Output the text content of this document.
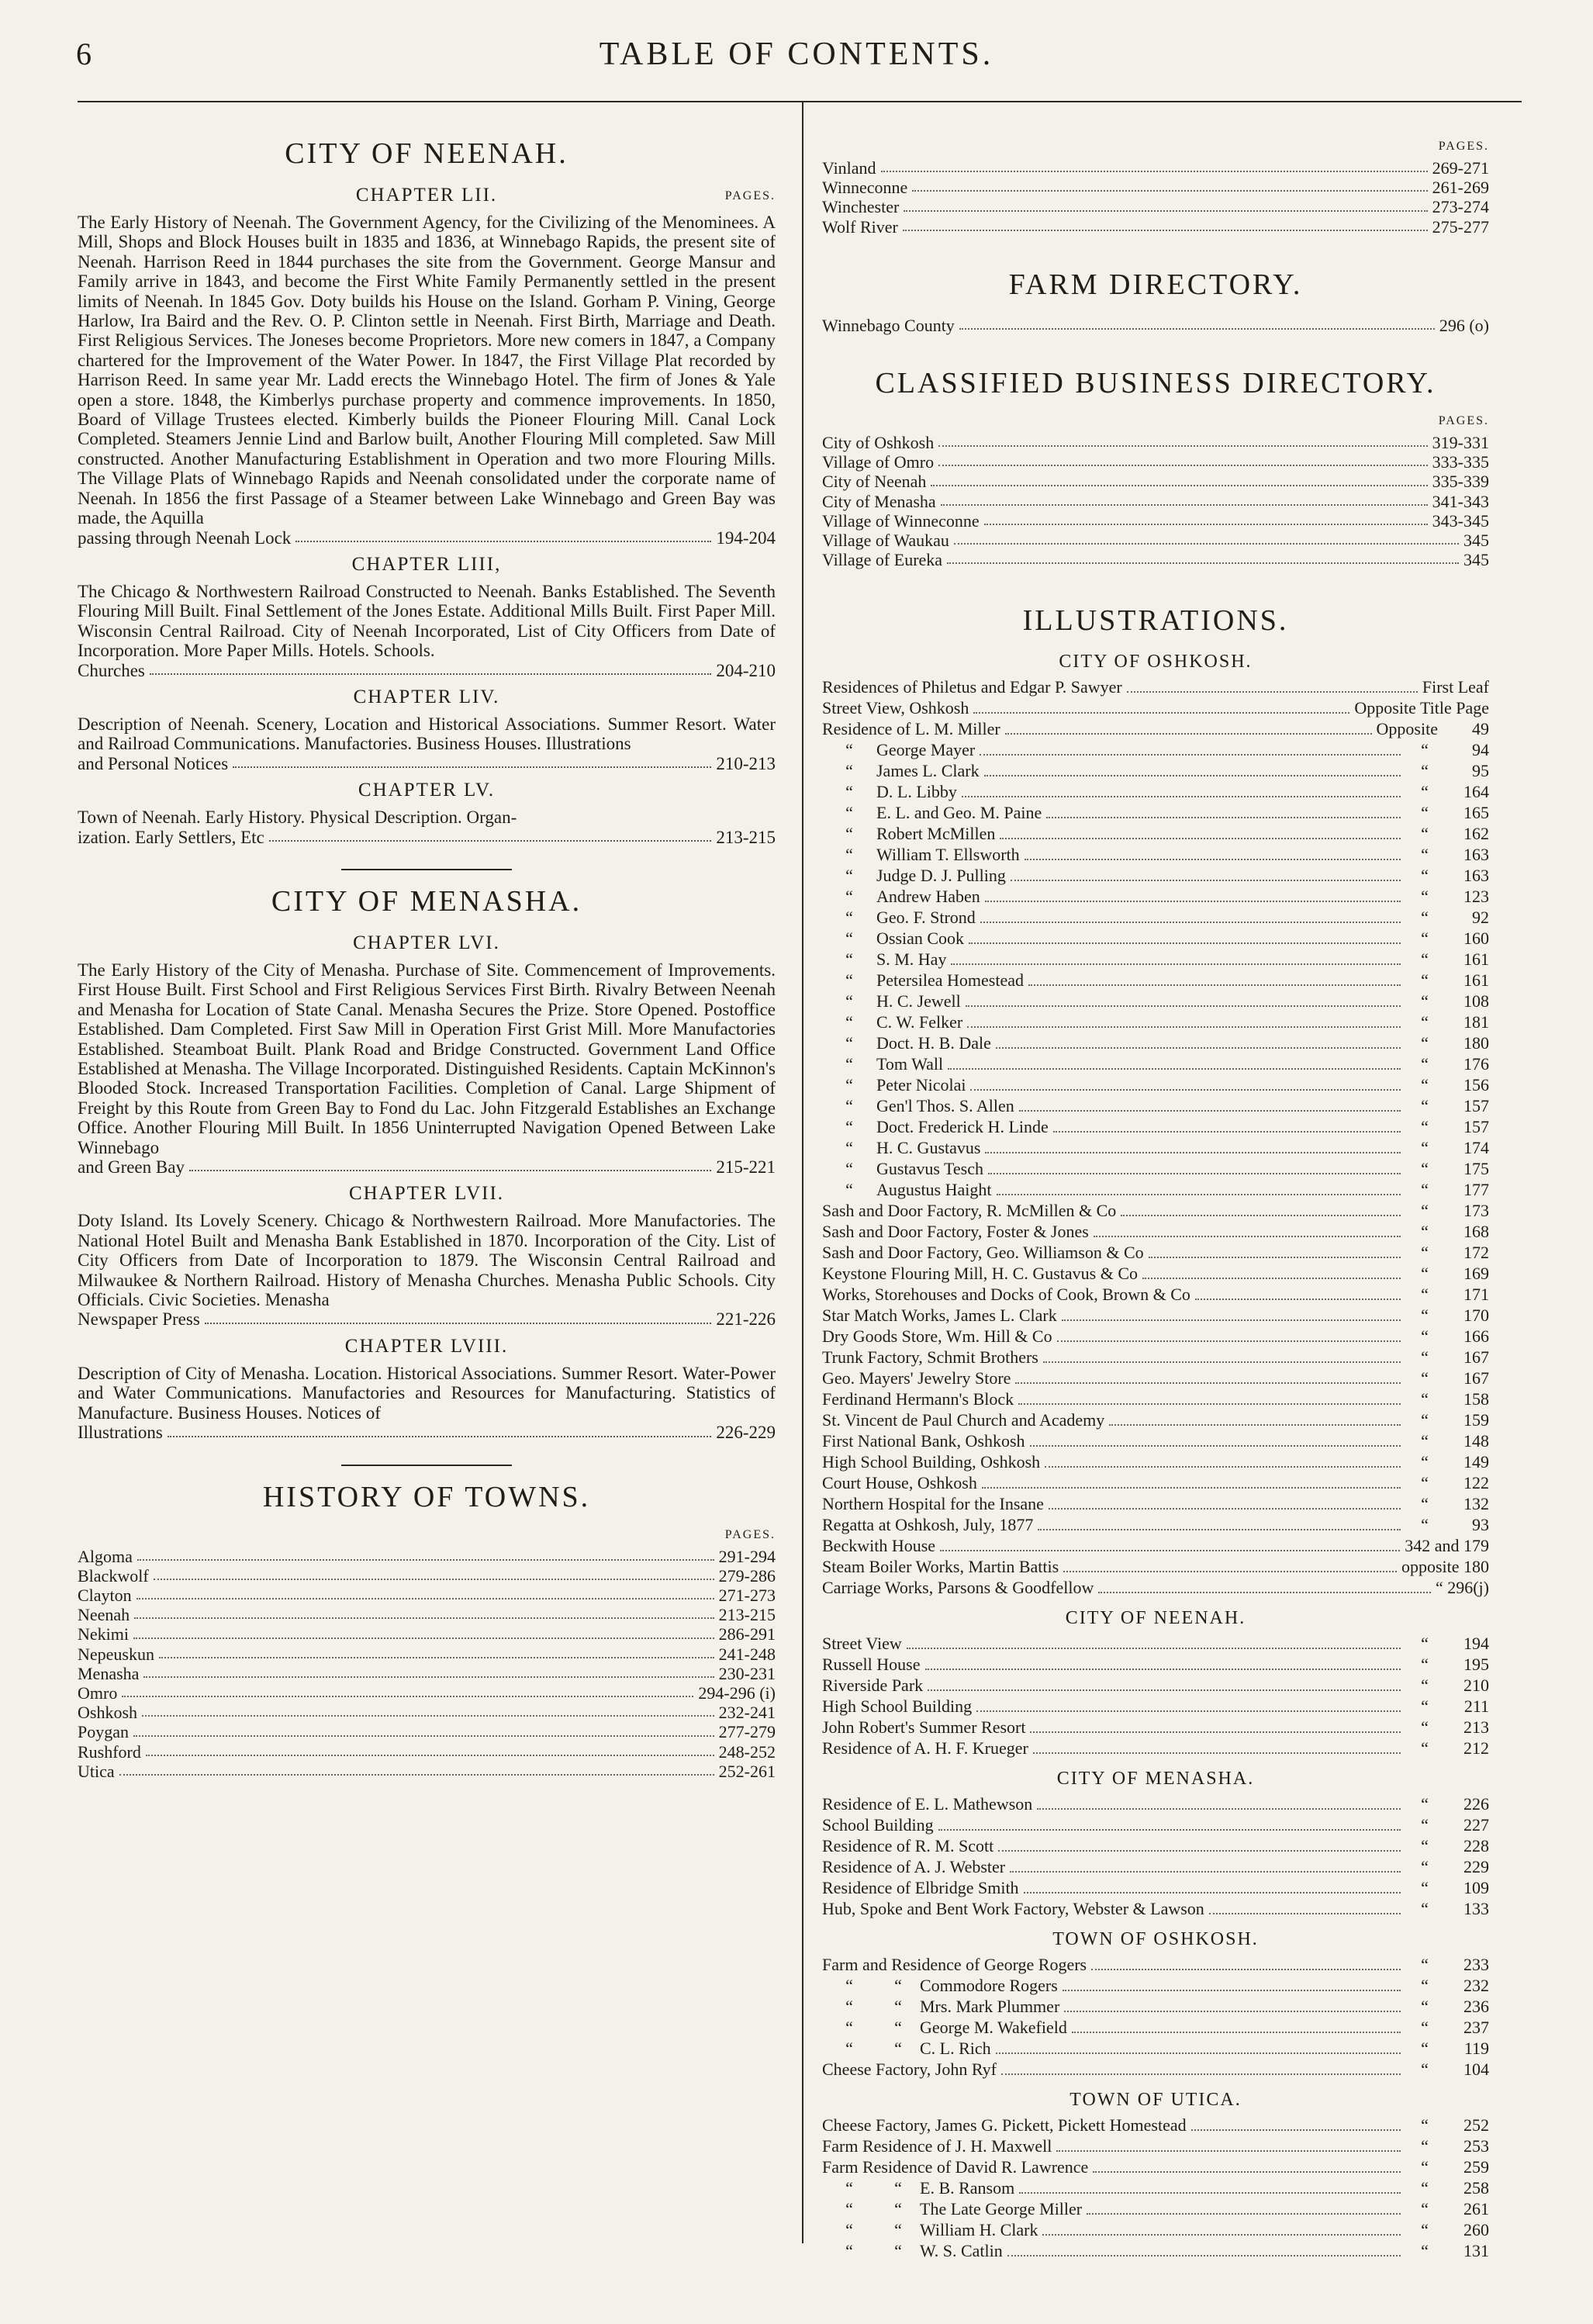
6	TABLE OF CONTENTS.
CITY OF NEENAH.
CHAPTER LII.	PAGES.

The Early History of Neenah. The Government Agency, for the Civilizing of the Menominees. A Mill, Shops and Block Houses built in 1835 and 1836, at Winnebago Rapids, the present site of Neenah. Harrison Reed in 1844 purchases the site from the Government. George Mansur and Family arrive in 1843, and become the First White Family Permanently settled in the present limits of Neenah. In 1845 Gov. Doty builds his House on the Island. Gorham P. Vining, George Harlow, Ira Baird and the Rev. O. P. Clinton settle in Neenah. First Birth, Marriage and Death. First Religious Services. The Joneses become Proprietors. More new comers in 1847, a Company chartered for the Improvement of the Water Power. In 1847, the First Village Plat recorded by Harrison Reed. In same year Mr. Ladd erects the Winnebago Hotel. The firm of Jones & Yale open a store. 1848, the Kimberlys purchase property and commence improvements. In 1850, Board of Village Trustees elected. Kimberly builds the Pioneer Flouring Mill. Canal Lock Completed. Steamers Jennie Lind and Barlow built, Another Flouring Mill completed. Saw Mill constructed. Another Manufacturing Establishment in Operation and two more Flouring Mills. The Village Plats of Winnebago Rapids and Neenah consolidated under the corporate name of Neenah. In 1856 the first Passage of a Steamer between Lake Winnebago and Green Bay was made, the Aquilla

passing through Neenah Lock	194-204
CHAPTER LIII,

The Chicago & Northwestern Railroad Constructed to Neenah. Banks Established. The Seventh Flouring Mill Built. Final Settlement of the Jones Estate. Additional Mills Built. First Paper Mill. Wisconsin Central Railroad. City of Neenah Incorporated, List of City Officers from Date of Incorporation. More Paper Mills. Hotels. Schools.

Churches	204-210
CHAPTER LIV.

Description of Neenah. Scenery, Location and Historical Associations. Summer Resort. Water and Railroad Communications. Manufactories. Business Houses. Illustrations

and Personal Notices	210-213
CHAPTER LV.

Town of Neenah. Early History. Physical Description. Organ-

ization. Early Settlers, Etc	213-215
CITY OF MENASHA.
CHAPTER LVI.

The Early History of the City of Menasha. Purchase of Site. Commencement of Improvements. First House Built. First School and First Religious Services First Birth. Rivalry Between Neenah and Menasha for Location of State Canal. Menasha Secures the Prize. Store Opened. Postoffice Established. Dam Completed. First Saw Mill in Operation First Grist Mill. More Manufactories Established. Steamboat Built. Plank Road and Bridge Constructed. Government Land Office Established at Menasha. The Village Incorporated. Distinguished Residents. Captain McKinnon's Blooded Stock. Increased Transportation Facilities. Completion of Canal. Large Shipment of Freight by this Route from Green Bay to Fond du Lac. John Fitzgerald Establishes an Exchange Office. Another Flouring Mill Built. In 1856 Uninterrupted Navigation Opened Between Lake Winnebago

and Green Bay	215-221
CHAPTER LVII.

Doty Island. Its Lovely Scenery. Chicago & Northwestern Railroad. More Manufactories. The National Hotel Built and Menasha Bank Established in 1870. Incorporation of the City. List of City Officers from Date of Incorporation to 1879. The Wisconsin Central Railroad and Milwaukee & Northern Railroad. History of Menasha Churches. Menasha Public Schools. City Officials. Civic Societies. Menasha

Newspaper Press	221-226
CHAPTER LVIII.

Description of City of Menasha. Location. Historical Associations. Summer Resort. Water-Power and Water Communications. Manufactories and Resources for Manufacturing. Statistics of Manufacture. Business Houses. Notices of

Illustrations	226-229
HISTORY OF TOWNS.
PAGES.
Algoma	291-294
Blackwolf	279-286
Clayton	271-273
Neenah	213-215
Nekimi	286-291
Nepeuskun	241-248
Menasha	230-231
Omro	294-296 (i)
Oshkosh	232-241
Poygan	277-279
Rushford	248-252
Utica	252-261
PAGES.
Vinland	269-271
Winneconne	261-269
Winchester	273-274
Wolf River	275-277
FARM DIRECTORY.
Winnebago County	296 (o)
CLASSIFIED BUSINESS DIRECTORY.
PAGES.
City of Oshkosh	319-331
Village of Omro	333-335
City of Neenah	335-339
City of Menasha	341-343
Village of Winneconne	343-345
Village of Waukau	345
Village of Eureka	345
ILLUSTRATIONS.
CITY OF OSHKOSH.
Residences of Philetus and Edgar P. Sawyer	First Leaf
Street View, Oshkosh	Opposite Title Page
Residence of L. M. Miller	Opposite	49
“	George Mayer	“	94
“	James L. Clark	“	95
“	D. L. Libby	“	164
“	E. L. and Geo. M. Paine	“	165
“	Robert McMillen	“	162
“	William T. Ellsworth	“	163
“	Judge D. J. Pulling	“	163
“	Andrew Haben	“	123
“	Geo. F. Strond	“	92
“	Ossian Cook	“	160
“	S. M. Hay	“	161
“	Petersilea Homestead	“	161
“	H. C. Jewell	“	108
“	C. W. Felker	“	181
“	Doct. H. B. Dale	“	180
“	Tom Wall	“	176
“	Peter Nicolai	“	156
“	Gen'l Thos. S. Allen	“	157
“	Doct. Frederick H. Linde	“	157
“	H. C. Gustavus	“	174
“	Gustavus Tesch	“	175
“	Augustus Haight	“	177
Sash and Door Factory, R. McMillen & Co	“	173
Sash and Door Factory, Foster & Jones	“	168
Sash and Door Factory, Geo. Williamson & Co	“	172
Keystone Flouring Mill, H. C. Gustavus & Co	“	169
Works, Storehouses and Docks of Cook, Brown & Co	“	171
Star Match Works, James L. Clark	“	170
Dry Goods Store, Wm. Hill & Co	“	166
Trunk Factory, Schmit Brothers	“	167
Geo. Mayers' Jewelry Store	“	167
Ferdinand Hermann's Block	“	158
St. Vincent de Paul Church and Academy	“	159
First National Bank, Oshkosh	“	148
High School Building, Oshkosh	“	149
Court House, Oshkosh	“	122
Northern Hospital for the Insane	“	132
Regatta at Oshkosh, July, 1877	“	93
Beckwith House	342 and 179
Steam Boiler Works, Martin Battis	opposite 180
Carriage Works, Parsons & Goodfellow	“ 296(j)
CITY OF NEENAH.
Street View	“	194
Russell House	“	195
Riverside Park	“	210
High School Building	“	211
John Robert's Summer Resort	“	213
Residence of A. H. F. Krueger	“	212
CITY OF MENASHA.
Residence of E. L. Mathewson	“	226
School Building	“	227
Residence of R. M. Scott	“	228
Residence of A. J. Webster	“	229
Residence of Elbridge Smith	“	109
Hub, Spoke and Bent Work Factory, Webster & Lawson	“	133
TOWN OF OSHKOSH.
Farm and Residence of George Rogers	“	233
“	“	Commodore Rogers	“	232
“	“	Mrs. Mark Plummer	“	236
“	“	George M. Wakefield	“	237
“	“	C. L. Rich	“	119
Cheese Factory, John Ryf	“	104
TOWN OF UTICA.
Cheese Factory, James G. Pickett, Pickett Homestead	“	252
Farm Residence of J. H. Maxwell	“	253
Farm Residence of David R. Lawrence	“	259
“	“	E. B. Ransom	“	258
“	“	The Late George Miller	“	261
“	“	William H. Clark	“	260
“	“	W. S. Catlin	“	131
